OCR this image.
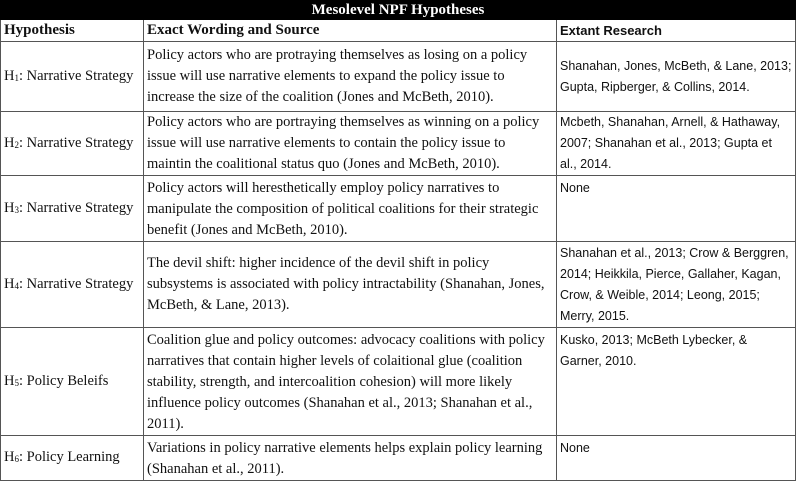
Mesolevel NPF Hypotheses		
Hypothesis	Exact Wording and Source	Extant Research
$H_1$: Narrative Strategy	Policy actors who are protraying themselves as losing on a policy issue will use narrative elements to expand the policy issue to increase the size of the coalition (Jones and McBeth, 2010).	Shanahan, Jones, McBeth, & Lane, 2013; Gupta, Ripberger, & Collins, 2014.
$H_2$: Narrative Strategy	Policy actors who are portraying themselves as winning on a policy issue will use narrative elements to contain the policy issue to maintin the coalitional status quo (Jones and McBeth, 2010).	Mcbeth, Shanahan, Arnell, & Hathaway, 2007; Shanahan et al., 2013; Gupta et al., 2014.
$H_3$: Narrative Strategy	Policy actors will heresthetically employ policy narratives to manipulate the composition of political coalitions for their strategic benefit (Jones and McBeth, 2010).	None
$H_4$: Narrative Strategy	The devil shift: higher incidence of the devil shift in policy subsystems is associated with policy intractability (Shanahan, Jones, McBeth, & Lane, 2013).	Shanahan et al., 2013; Crow & Berggren, 2014; Heikkila, Pierce, Gallaher, Kagan, Crow, & Weible, 2014; Leong, 2015; Merry, 2015.
$H_5$: Policy Beleifs	Coalition glue and policy outcomes: advocacy coalitions with policy narratives that contain higher levels of colaitional glue (coalition stability, strength, and intercoalition cohesion) will more likely influence policy outcomes (Shanahan et al., 2013; Shanahan et al., 2011).	Kusko, 2013; McBeth Lybecker, & Garner, 2010.
$H_6$: Policy Learning	Variations in policy narrative elements helps explain policy learning (Shanahan et al., 2011).	None
